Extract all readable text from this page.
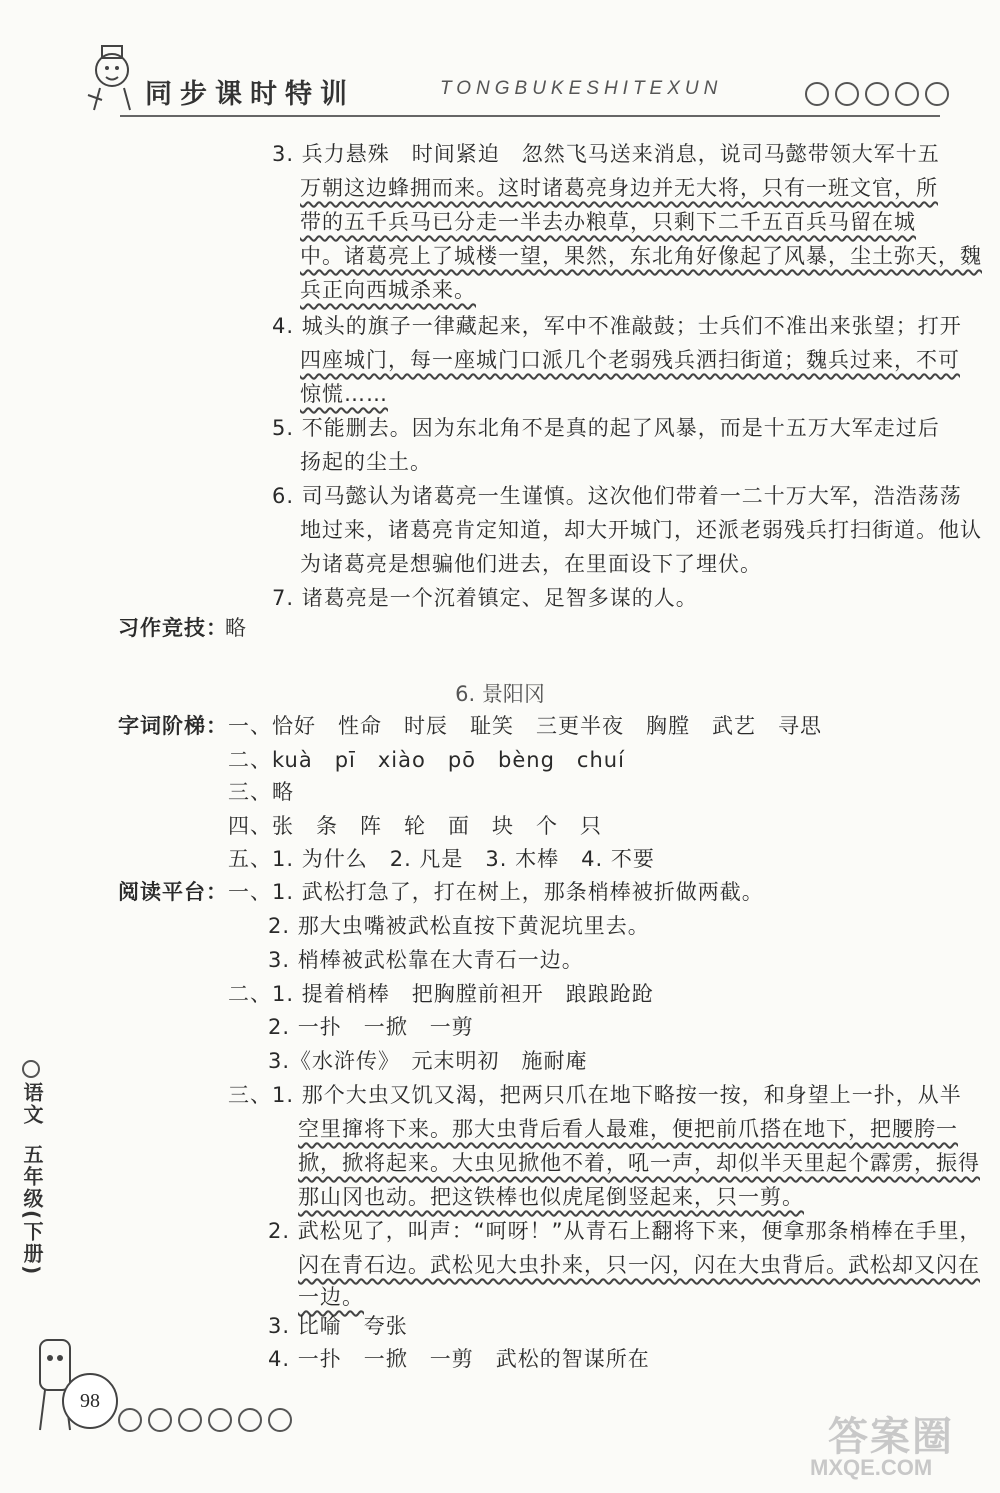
同步课时特训	TONGBUKESHITEXUN
3. 兵力悬殊　时间紧迫　忽然飞马送来消息，说司马懿带领大军十五
万朝这边蜂拥而来。这时诸葛亮身边并无大将，只有一班文官，所
带的五千兵马已分走一半去办粮草，只剩下二千五百兵马留在城
中。诸葛亮上了城楼一望，果然，东北角好像起了风暴，尘土弥天，魏
兵正向西城杀来。
4. 城头的旗子一律藏起来，军中不准敲鼓；士兵们不准出来张望；打开
四座城门，每一座城门口派几个老弱残兵洒扫街道；魏兵过来，不可
惊慌……
5. 不能删去。因为东北角不是真的起了风暴，而是十五万大军走过后
扬起的尘土。
6. 司马懿认为诸葛亮一生谨慎。这次他们带着一二十万大军，浩浩荡荡
地过来，诸葛亮肯定知道，却大开城门，还派老弱残兵打扫街道。他认
为诸葛亮是想骗他们进去，在里面设下了埋伏。
7. 诸葛亮是一个沉着镇定、足智多谋的人。
习作竞技：
略
6. 景阳冈
字词阶梯： 一、恰好　性命　时辰　耻笑　三更半夜　胸膛　武艺　寻思
二、kuà　pī　xiào　pō　bèng　chuí
三、略
四、张　条　阵　轮　面　块　个　只
五、1. 为什么　2. 凡是　3. 木棒　4. 不要
阅读平台： 一、1. 武松打急了，打在树上，那条梢棒被折做两截。
2. 那大虫嘴被武松直按下黄泥坑里去。
3. 梢棒被武松靠在大青石一边。
二、1. 提着梢棒　把胸膛前袒开　踉踉跄跄
2. 一扑　一掀　一剪
3.《水浒传》　元末明初　施耐庵
三、1. 那个大虫又饥又渴，把两只爪在地下略按一按，和身望上一扑，从半
空里撺将下来。那大虫背后看人最难，便把前爪搭在地下，把腰胯一
掀，掀将起来。大虫见掀他不着，吼一声，却似半天里起个霹雳，振得
那山冈也动。把这铁棒也似虎尾倒竖起来，只一剪。
2. 武松见了，叫声：“呵呀！”从青石上翻将下来，便拿那条梢棒在手里，
闪在青石边。武松见大虫扑来，只一闪，闪在大虫背后。武松却又闪在
一边。
3. 比喻　夸张
4. 一扑　一掀　一剪　武松的智谋所在
语文
五年级(下册)
98
答案圈
MXQE.COM
